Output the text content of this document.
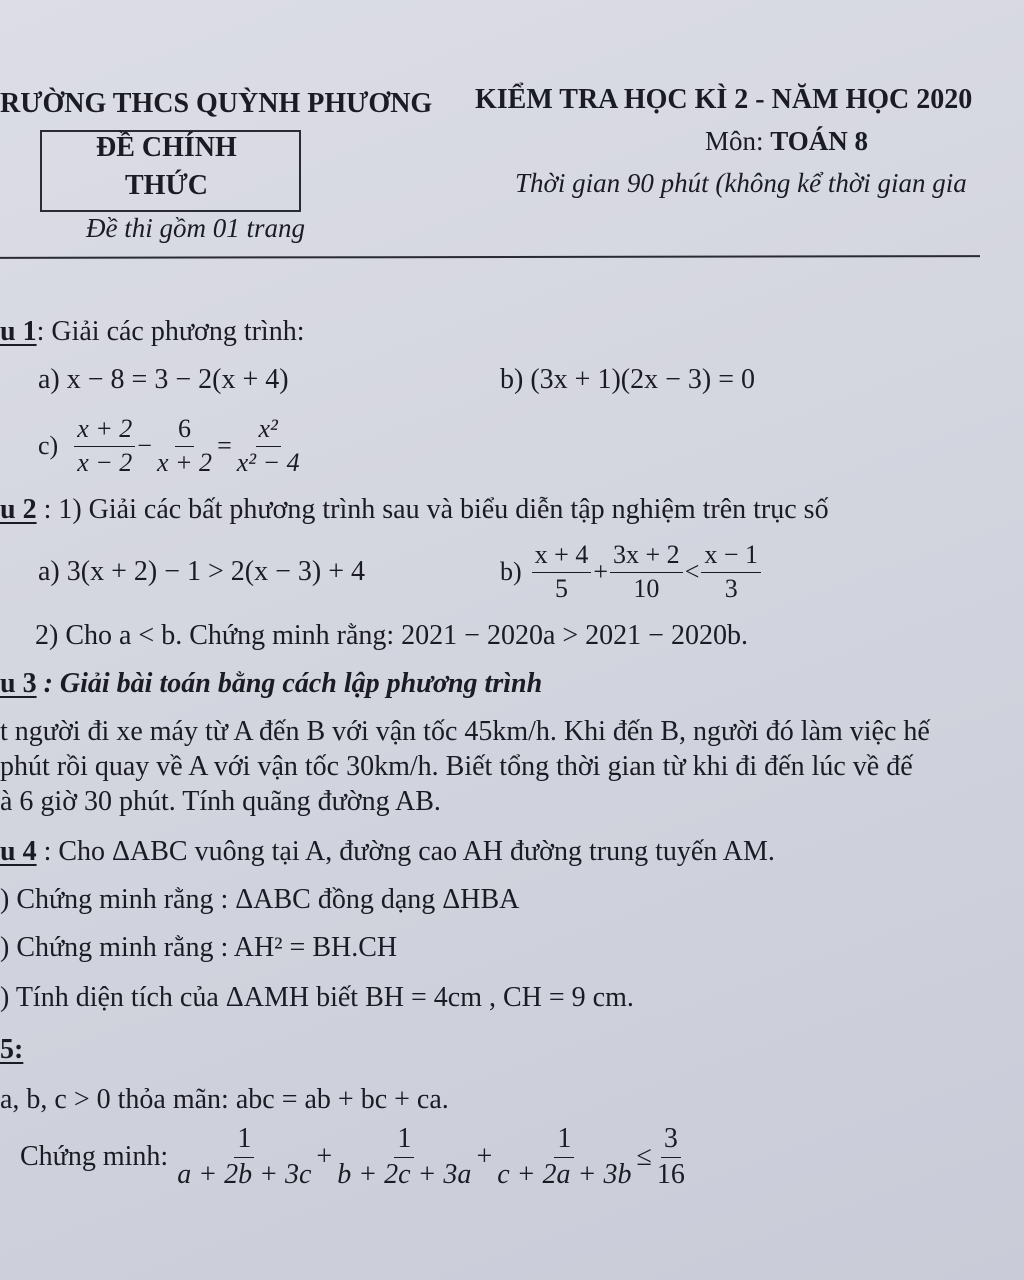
RƯỜNG THCS QUỲNH PHƯƠNG KIỂM TRA HỌC KÌ 2 - NĂM HỌC 2020
ĐỀ CHÍNH
THỨC
Môn: TOÁN 8
Thời gian 90 phút (không kể thời gian gia
Đề thi gồm 01 trang
u 1: Giải các phương trình:
a) x − 8 = 3 − 2(x + 4)	b) (3x + 1)(2x − 3) = 0
$c) \frac{x + 2}{x - 2} - \frac{6}{x + 2} = \frac{\text{x²}}{\text{x² − 4}}$
u 2 : 1) Giải các bất phương trình sau và biểu diễn tập nghiệm trên trục số
a) 3(x + 2) − 1 > 2(x − 3) + 4	$b) \frac{x + 4}{5} + \frac{3x + 2}{10} < \frac{x - 1}{3}$
2) Cho a < b. Chứng minh rằng: 2021 − 2020a > 2021 − 2020b.
u 3 : Giải bài toán bằng cách lập phương trình
t người đi xe máy từ A đến B với vận tốc 45km/h. Khi đến B, người đó làm việc hế
phút rồi quay về A với vận tốc 30km/h. Biết tổng thời gian từ khi đi đến lúc về đế
à 6 giờ 30 phút. Tính quãng đường AB.
u 4 : Cho ΔABC vuông tại A, đường cao AH đường trung tuyến AM.
) Chứng minh rằng : ΔABC đồng dạng ΔHBA
) Chứng minh rằng : AH² = BH.CH
) Tính diện tích của ΔAMH biết BH = 4cm , CH = 9 cm.
5:
a, b, c > 0 thỏa mãn: abc = ab + bc + ca.
Chứng minh: $\frac{1}{a + 2b + 3c} + \frac{1}{b + 2c + 3a} + \frac{1}{c + 2a + 3b} \le \frac{3}{16}$
